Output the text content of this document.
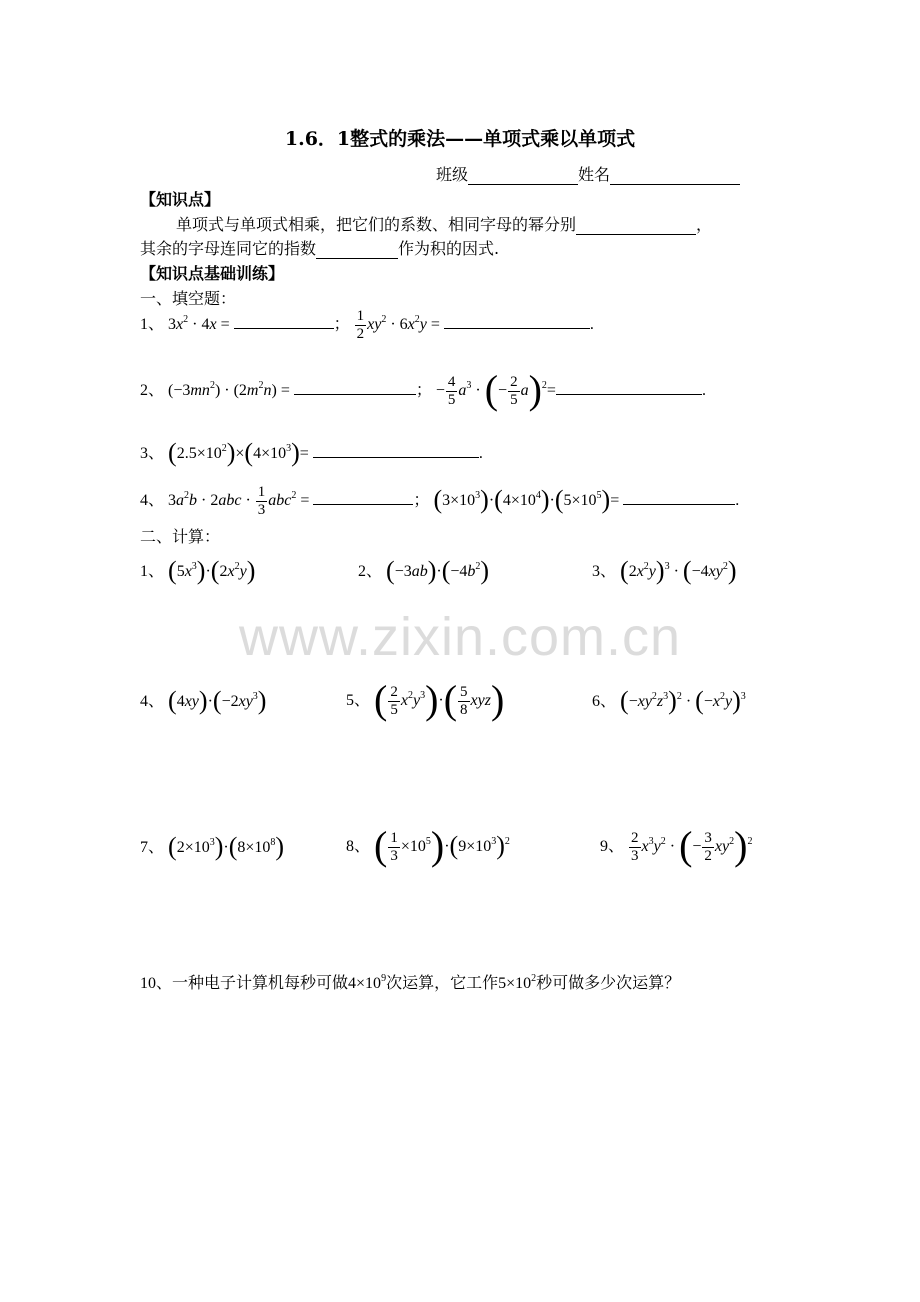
1.6．1整式的乘法——单项式乘以单项式
班级	姓名
【知识点】
单项式与单项式相乘，把它们的系数、相同字母的幂分别	，
其余的字母连同它的指数	作为积的因式.
【知识点基础训练】
一、填空题：
1、 $3x^2 \cdot 4x$ =	； $\frac{1}{2} xy^2 \cdot 6x^2y$ =	.
2、 $(-3mn^2) \cdot (2m^2n)$ =	； − $\frac{4}{5} a^3$ · (− $\frac{2}{5} a)^2=$	.
3、 $(2.5\times 10^2)\times(4\times 10^3)=$	.
4、 $3a^2b \cdot 2abc \cdot \frac{1}{3} abc^2$ =	； $(3\times 10^3)\cdot(4\times 10^4)\cdot(5\times 10^5)=$	.
二、计算：
1、 $(5x^3)\cdot(2x^2y)$	2、 $(-3ab)\cdot(-4b^2)$	3、 $(2x^2y)^3 \cdot (-4xy^2)$
www.zixin.com.cn
4、 $(4xy)\cdot(-2xy^3)$	5、 ( $\frac{2}{5} x^2y^3)\cdot( \frac{5}{8} xyz)$	6、 $(-xy^2z^3)^2 \cdot (-x^2y)^3$
7、 $(2\times 10^3)\cdot(8\times 10^8)$	8、 ( $\frac{1}{3} \times 10^5)\cdot(9\times 10^3)^2$	9、 $\frac{2}{3} x^3y^2$ · (− $\frac{3}{2} xy^2)^2$
10、一种电子计算机每秒可做$4\times 10^9$次运算，它工作$5\times 10^2$秒可做多少次运算？
